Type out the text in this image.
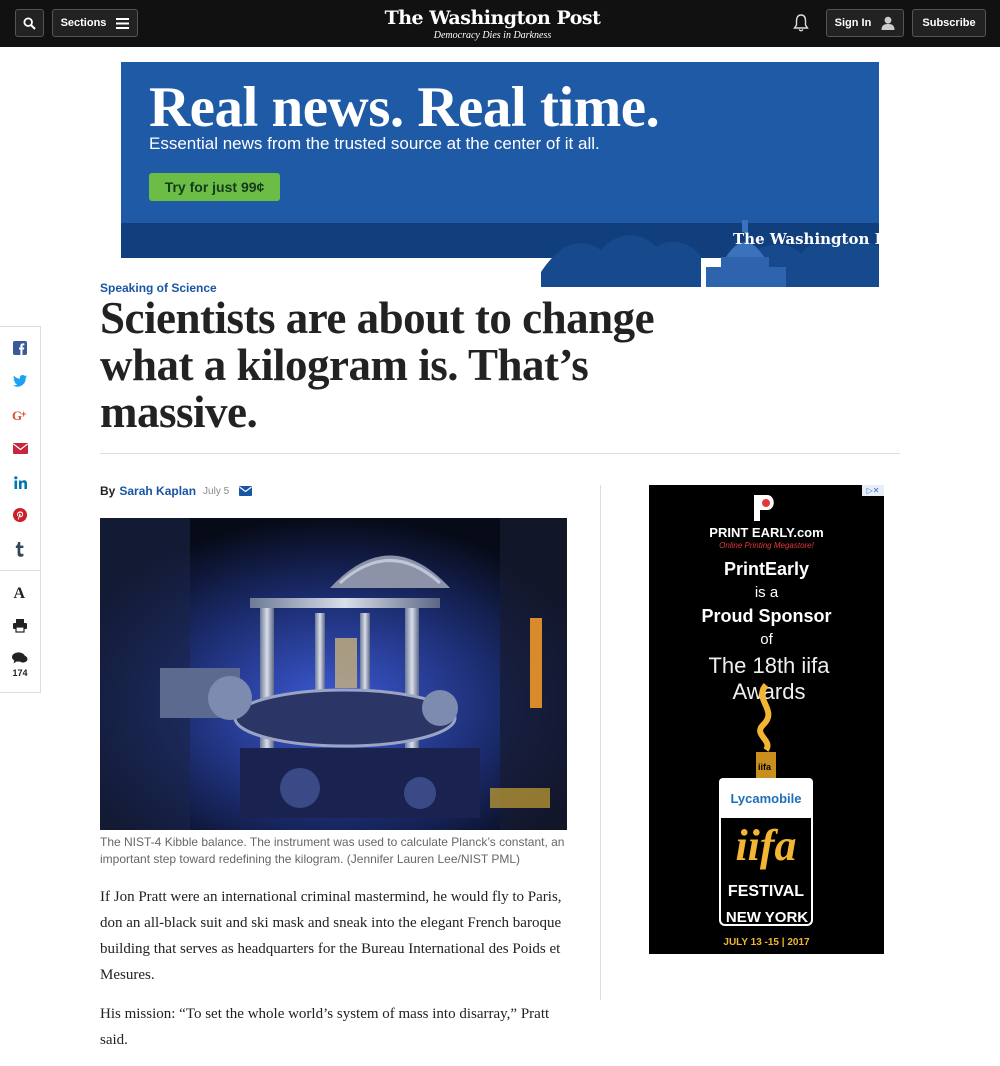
Sections	The Washington Post
Democracy Dies in Darkness
Sign In	Subscribe
Real news. Real time.
Essential news from the trusted source at the center of it all.
Try for just 99¢
The Washington Post
G
+
A
174
Speaking of Science
Scientists are about to change what a kilogram is. That’s massive.
By Sarah Kaplan July 5
The NIST-4 Kibble balance. The instrument was used to calculate Planck’s constant, an important step toward redefining the kilogram. (Jennifer Lauren Lee/NIST PML)

If Jon Pratt were an international criminal mastermind, he would fly to Paris, don an all-black suit and ski mask and sneak into the elegant French baroque building that serves as headquarters for the Bureau International des Poids et Mesures.

His mission: “To set the whole world’s system of mass into disarray,” Pratt said.

▷✕
PRINT EARLY.com
Online Printing Megastore!
PrintEarly
is a
Proud Sponsor
of
The 18th iifa Awards
iifa
Lycamobile
iifa
FESTIVAL
NEW YORK
JULY 13 -15 | 2017
